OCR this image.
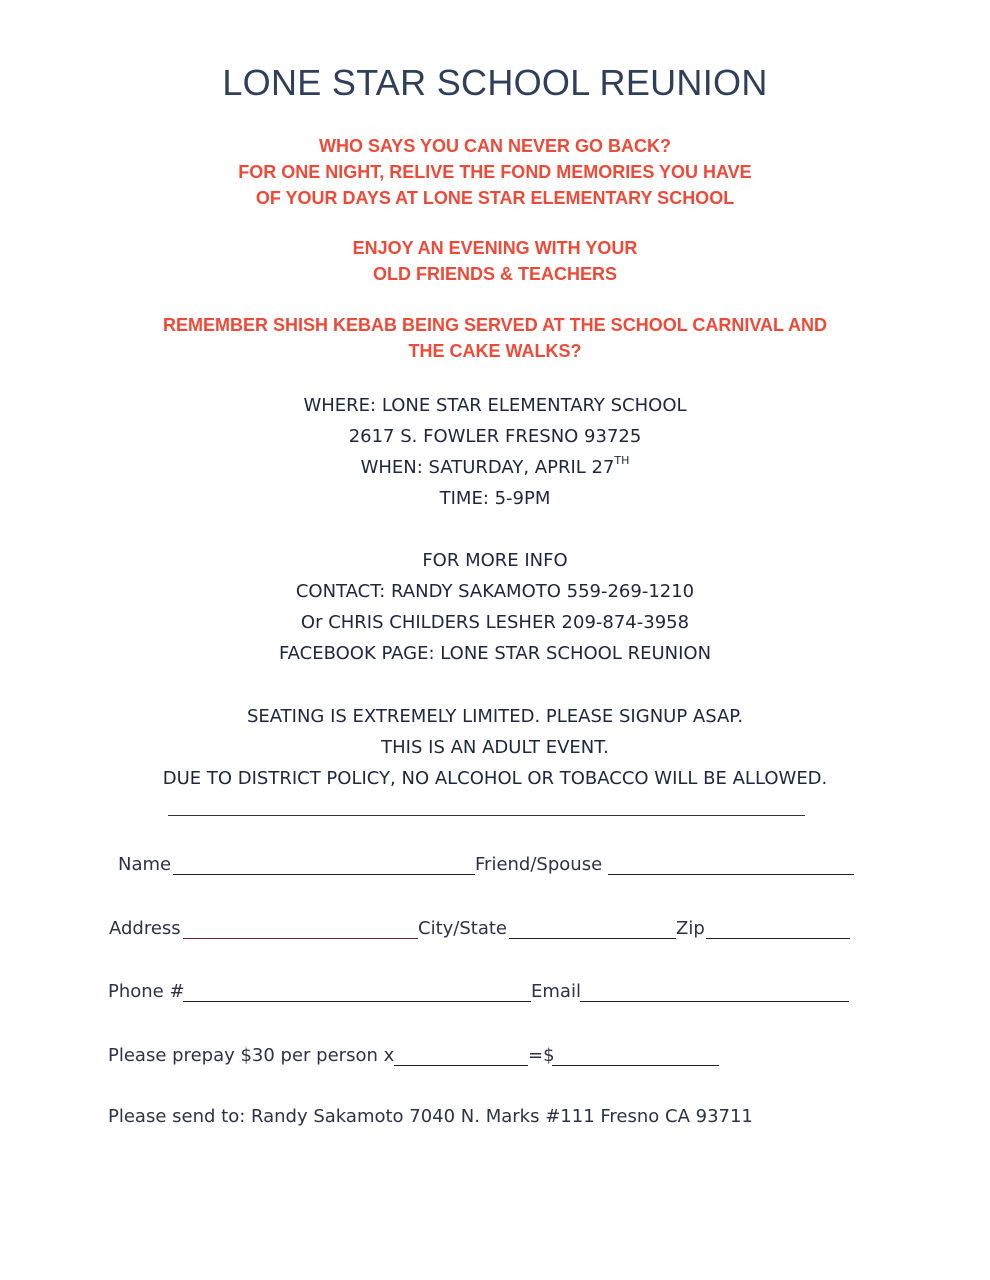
LONE STAR SCHOOL REUNION
WHO SAYS YOU CAN NEVER GO BACK?
FOR ONE NIGHT, RELIVE THE FOND MEMORIES YOU HAVE
OF YOUR DAYS AT LONE STAR ELEMENTARY SCHOOL
ENJOY AN EVENING WITH YOUR
OLD FRIENDS & TEACHERS
REMEMBER SHISH KEBAB BEING SERVED AT THE SCHOOL CARNIVAL AND
THE CAKE WALKS?
WHERE: LONE STAR ELEMENTARY SCHOOL
2617 S. FOWLER FRESNO 93725
WHEN: SATURDAY, APRIL 27TH
TIME: 5-9PM
FOR MORE INFO
CONTACT: RANDY SAKAMOTO 559-269-1210
Or CHRIS CHILDERS LESHER 209-874-3958
FACEBOOK PAGE: LONE STAR SCHOOL REUNION
SEATING IS EXTREMELY LIMITED. PLEASE SIGNUP ASAP.
THIS IS AN ADULT EVENT.
DUE TO DISTRICT POLICY, NO ALCOHOL OR TOBACCO WILL BE ALLOWED.
Name	Friend/Spouse
Address	City/State	Zip
Phone #	Email
Please prepay $30 per person x	=$
Please send to: Randy Sakamoto 7040 N. Marks #111 Fresno CA 93711
